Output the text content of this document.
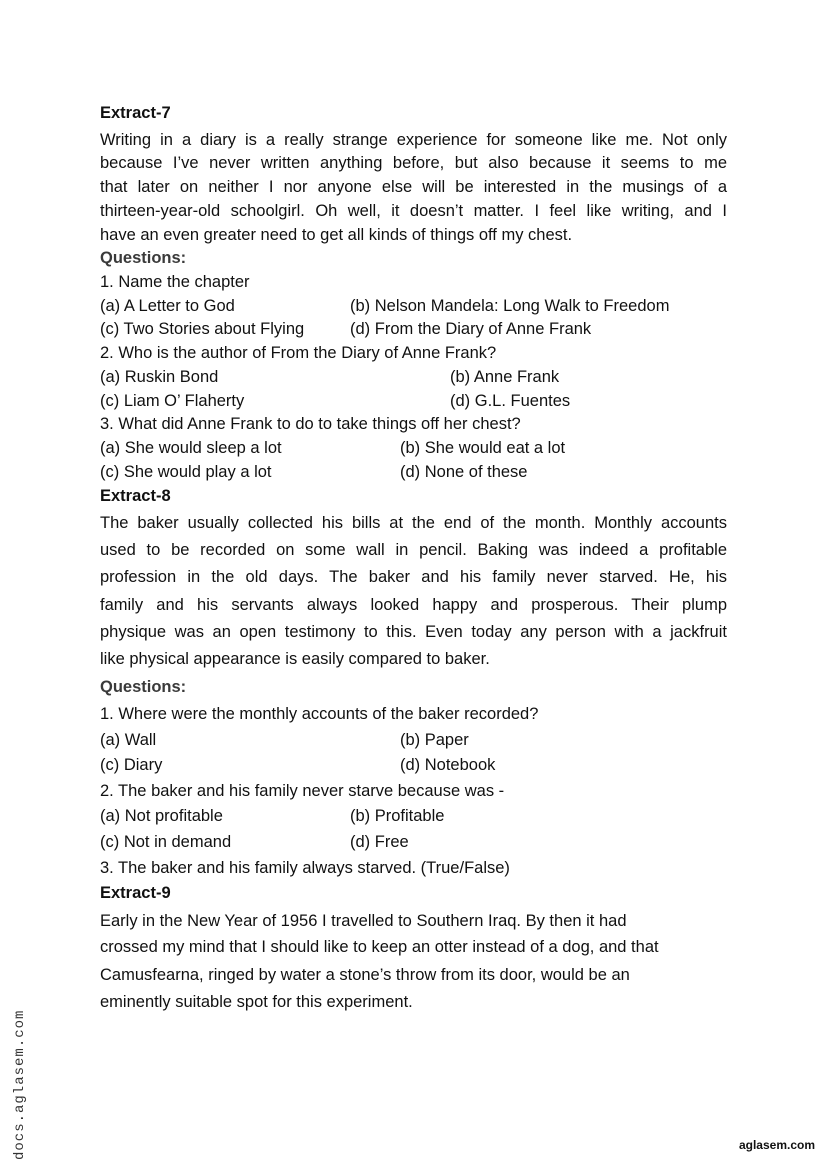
Extract-7
Writing in a diary is a really strange experience for someone like me. Not only
because I’ve never written anything before, but also because it seems to me
that later on neither I nor anyone else will be interested in the musings of a
thirteen-year-old schoolgirl. Oh well, it doesn’t matter. I feel like writing, and I
have an even greater need to get all kinds of things off my chest.
Questions:
1. Name the chapter
(a) A Letter to God	(b) Nelson Mandela: Long Walk to Freedom
(c) Two Stories about Flying	(d) From the Diary of Anne Frank
2. Who is the author of From the Diary of Anne Frank?
(a) Ruskin Bond	(b) Anne Frank
(c) Liam O’ Flaherty	(d) G.L. Fuentes
3. What did Anne Frank to do to take things off her chest?
(a) She would sleep a lot	(b) She would eat a lot
(c) She would play a lot	(d) None of these
Extract-8
The baker usually collected his bills at the end of the month. Monthly accounts
used to be recorded on some wall in pencil. Baking was indeed a profitable
profession in the old days. The baker and his family never starved. He, his
family and his servants always looked happy and prosperous. Their plump
physique was an open testimony to this. Even today any person with a jackfruit
like physical appearance is easily compared to baker.
Questions:
1. Where were the monthly accounts of the baker recorded?
(a) Wall	(b) Paper
(c) Diary	(d) Notebook
2. The baker and his family never starve because was -
(a) Not profitable	(b) Profitable
(c) Not in demand	(d) Free
3. The baker and his family always starved. (True/False)
Extract-9
Early in the New Year of 1956 I travelled to Southern Iraq. By then it had
crossed my mind that I should like to keep an otter instead of a dog, and that
Camusfearna, ringed by water a stone’s throw from its door, would be an
eminently suitable spot for this experiment.
docs.aglasem.com	aglasem.com
